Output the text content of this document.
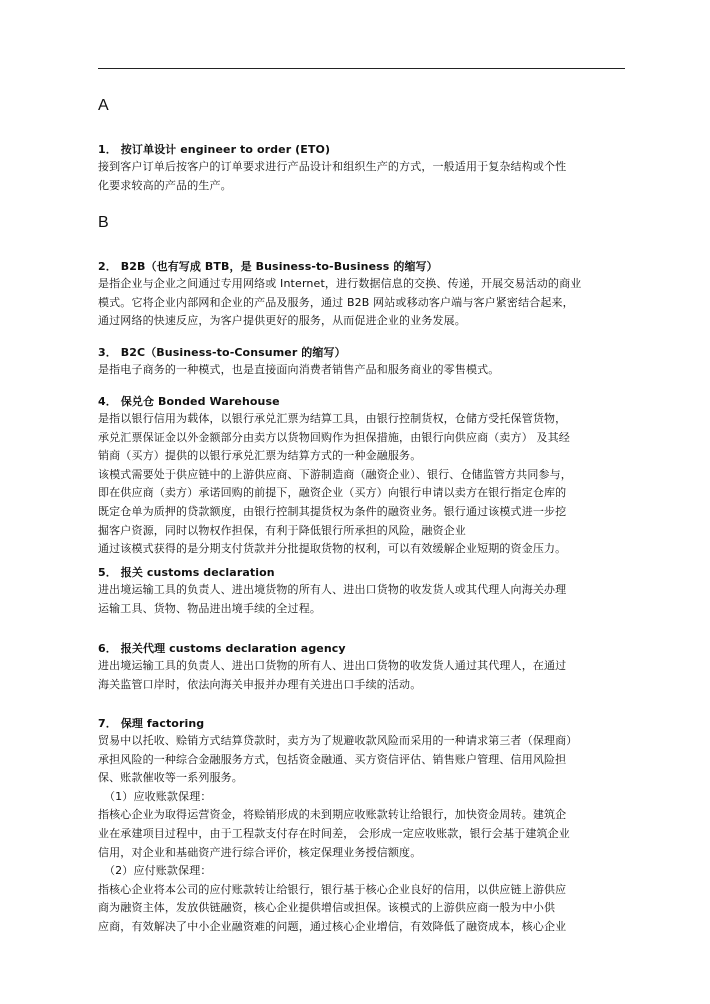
A
1． 按订单设计 engineer to order (ETO)
接到客户订单后按客户的订单要求进行产品设计和组织生产的方式，一般适用于复杂结构或个性
化要求较高的产品的生产。
B
2． B2B（也有写成 BTB，是 Business-to-Business 的缩写）
是指企业与企业之间通过专用网络或 Internet，进行数据信息的交换、传递，开展交易活动的商业
模式。它将企业内部网和企业的产品及服务，通过 B2B 网站或移动客户端与客户紧密结合起来，
通过网络的快速反应，为客户提供更好的服务，从而促进企业的业务发展。
3． B2C（Business-to-Consumer 的缩写）
是指电子商务的一种模式，也是直接面向消费者销售产品和服务商业的零售模式。
4． 保兑仓 Bonded Warehouse
是指以银行信用为载体，以银行承兑汇票为结算工具，由银行控制货权，仓储方受托保管货物，
承兑汇票保证金以外金额部分由卖方以货物回购作为担保措施，由银行向供应商（卖方） 及其经
销商（买方）提供的以银行承兑汇票为结算方式的一种金融服务。
该模式需要处于供应链中的上游供应商、下游制造商（融资企业）、银行、仓储监管方共同参与，
即在供应商（卖方）承诺回购的前提下，融资企业（买方）向银行申请以卖方在银行指定仓库的
既定仓单为质押的贷款额度，由银行控制其提货权为条件的融资业务。银行通过该模式进一步挖
掘客户资源，同时以物权作担保，有利于降低银行所承担的风险，融资企业
通过该模式获得的是分期支付货款并分批提取货物的权利，可以有效缓解企业短期的资金压力。
5． 报关 customs declaration
进出境运输工具的负责人、进出境货物的所有人、进出口货物的收发货人或其代理人向海关办理
运输工具、货物、物品进出境手续的全过程。
6． 报关代理 customs declaration agency
进出境运输工具的负责人、进出口货物的所有人、进出口货物的收发货人通过其代理人，在通过
海关监管口岸时，依法向海关申报并办理有关进出口手续的活动。
7． 保理 factoring
贸易中以托收、赊销方式结算贷款时，卖方为了规避收款风险而采用的一种请求第三者（保理商）
承担风险的一种综合金融服务方式，包括资金融通、买方资信评估、销售账户管理、信用风险担
保、账款催收等一系列服务。
（1）应收账款保理：
指核心企业为取得运营资金，将赊销形成的未到期应收账款转让给银行，加快资金周转。建筑企
业在承建项目过程中，由于工程款支付存在时间差， 会形成一定应收账款，银行会基于建筑企业
信用，对企业和基础资产进行综合评价，核定保理业务授信额度。
（2）应付账款保理：
指核心企业将本公司的应付账款转让给银行，银行基于核心企业良好的信用，以供应链上游供应
商为融资主体，发放供链融资，核心企业提供增信或担保。该模式的上游供应商一般为中小供
应商，有效解决了中小企业融资难的问题，通过核心企业增信，有效降低了融资成本，核心企业
